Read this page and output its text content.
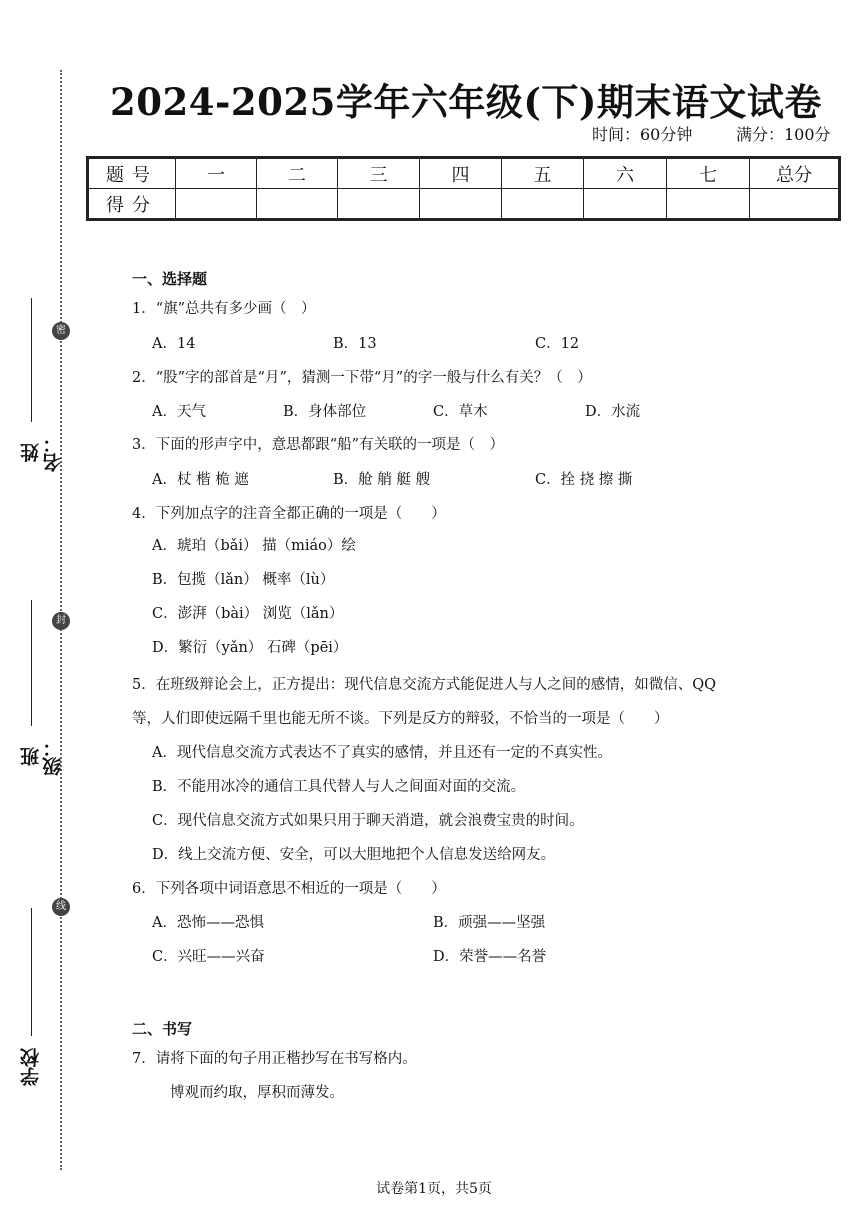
密
封
线
姓名：
班级：
学校
2024-2025学年六年级(下)期末语文试卷
时间：60分钟	满分：100分
题号	一	二	三	四	五	六	七	总分
得分								
一、选择题
1．“旗”总共有多少画（　）
A．14	B．13	C．12
2．“股”字的部首是“月”，猜测一下带“月”的字一般与什么有关？（　）
A．天气	B．身体部位	C．草木	D．水流
3．下面的形声字中，意思都跟“船”有关联的一项是（　）
A．杖 楷 桅 遮	B．舱 艄 艇 艘	C．拴 挠 擦 撕
4．下列加点字的注音全都正确的一项是（　　）
A．琥珀（bǎi） 描（miáo）绘
B．包揽（lǎn） 概率（lù）
C．澎湃（bài） 浏览（lǎn）
D．繁衍（yǎn） 石碑（pēi）
5．在班级辩论会上，正方提出：现代信息交流方式能促进人与人之间的感情，如微信、QQ
等，人们即使远隔千里也能无所不谈。下列是反方的辩驳，不恰当的一项是（　　）
A．现代信息交流方式表达不了真实的感情，并且还有一定的不真实性。
B．不能用冰冷的通信工具代替人与人之间面对面的交流。
C．现代信息交流方式如果只用于聊天消遣，就会浪费宝贵的时间。
D．线上交流方便、安全，可以大胆地把个人信息发送给网友。
6．下列各项中词语意思不相近的一项是（　　）
A．恐怖——恐惧	B．顽强——坚强
C．兴旺——兴奋	D．荣誉——名誉
二、书写
7．请将下面的句子用正楷抄写在书写格内。
博观而约取，厚积而薄发。
试卷第1页，共5页
